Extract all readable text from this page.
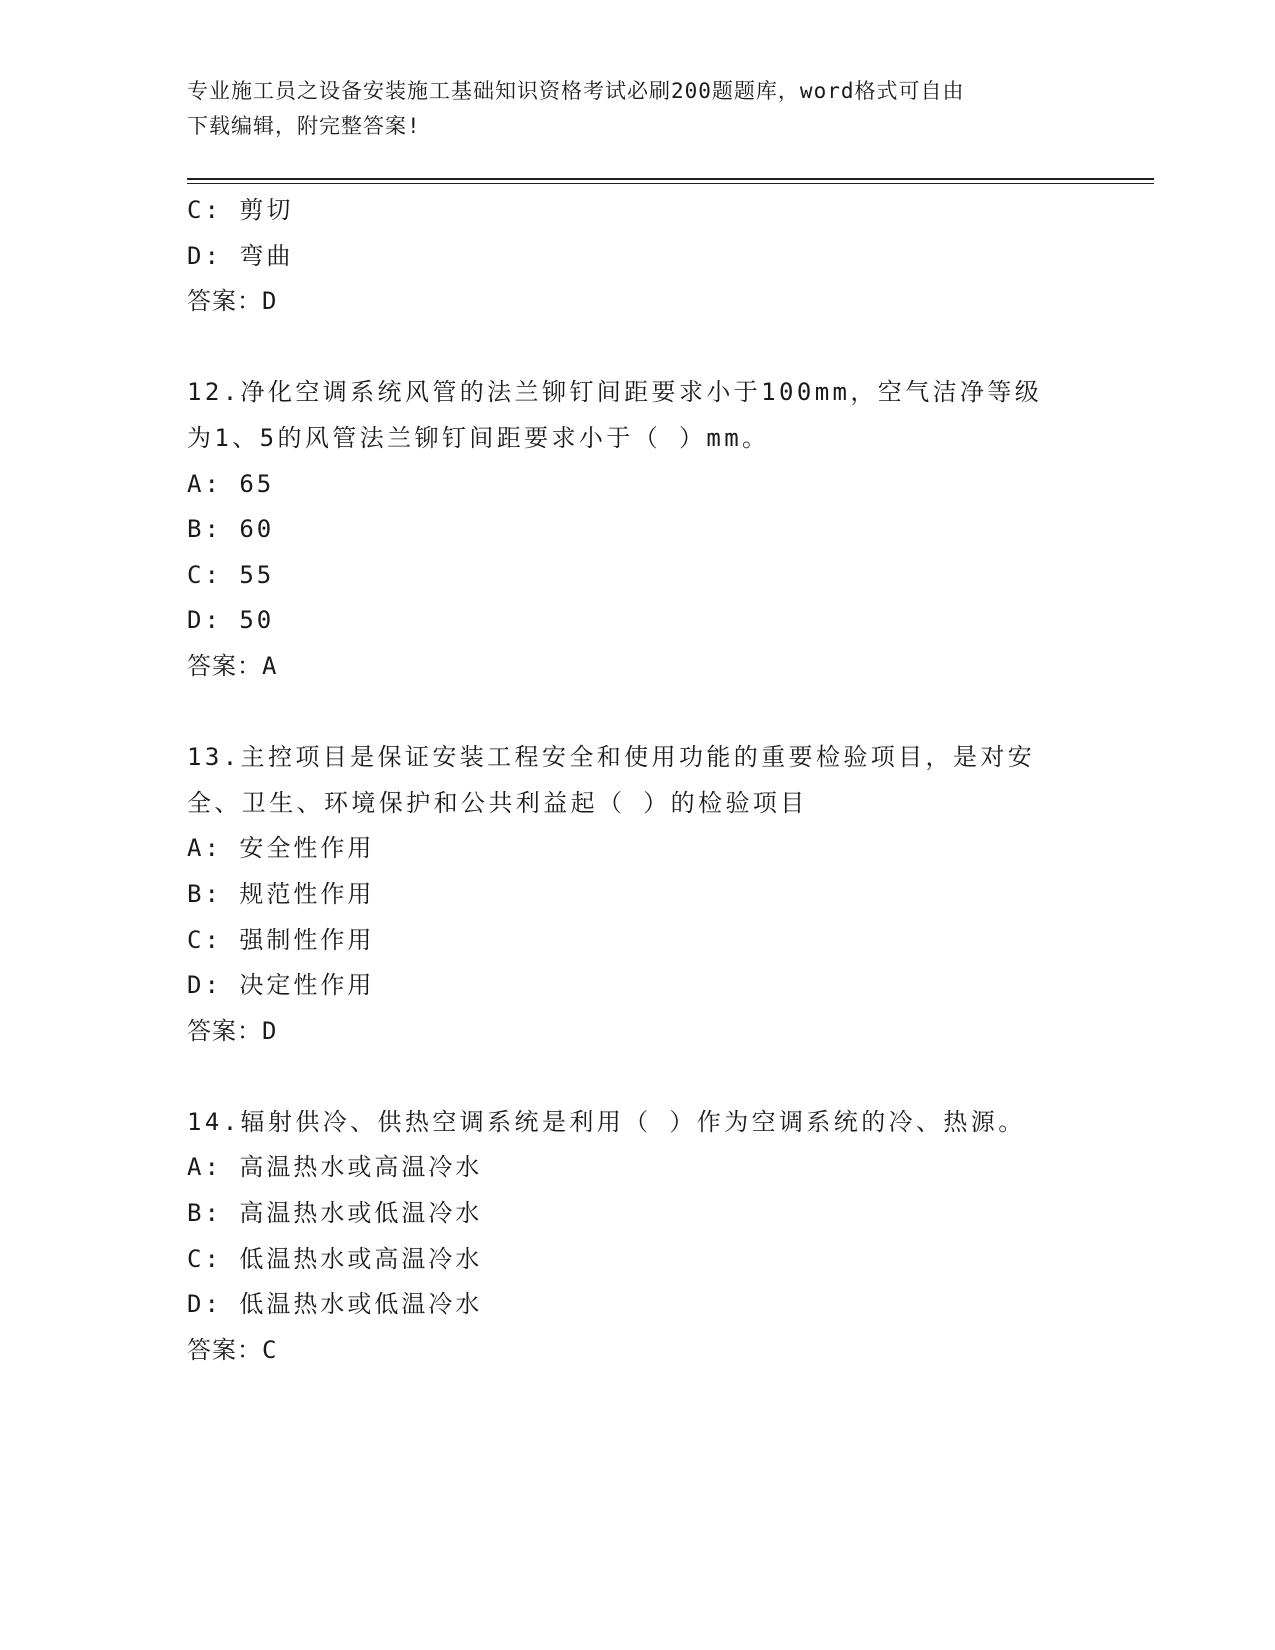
专业施工员之设备安装施工基础知识资格考试必刷200题题库，word格式可自由
下载编辑，附完整答案!
C: 剪切
D: 弯曲
答案：D
12.净化空调系统风管的法兰铆钉间距要求小于100mm，空气洁净等级
为1、5的风管法兰铆钉间距要求小于（ ）mm。
A: 65
B: 60
C: 55
D: 50
答案：A
13.主控项目是保证安装工程安全和使用功能的重要检验项目，是对安
全、卫生、环境保护和公共利益起（ ）的检验项目
A: 安全性作用
B: 规范性作用
C: 强制性作用
D: 决定性作用
答案：D
14.辐射供冷、供热空调系统是利用（ ）作为空调系统的冷、热源。
A: 高温热水或高温冷水
B: 高温热水或低温冷水
C: 低温热水或高温冷水
D: 低温热水或低温冷水
答案：C
